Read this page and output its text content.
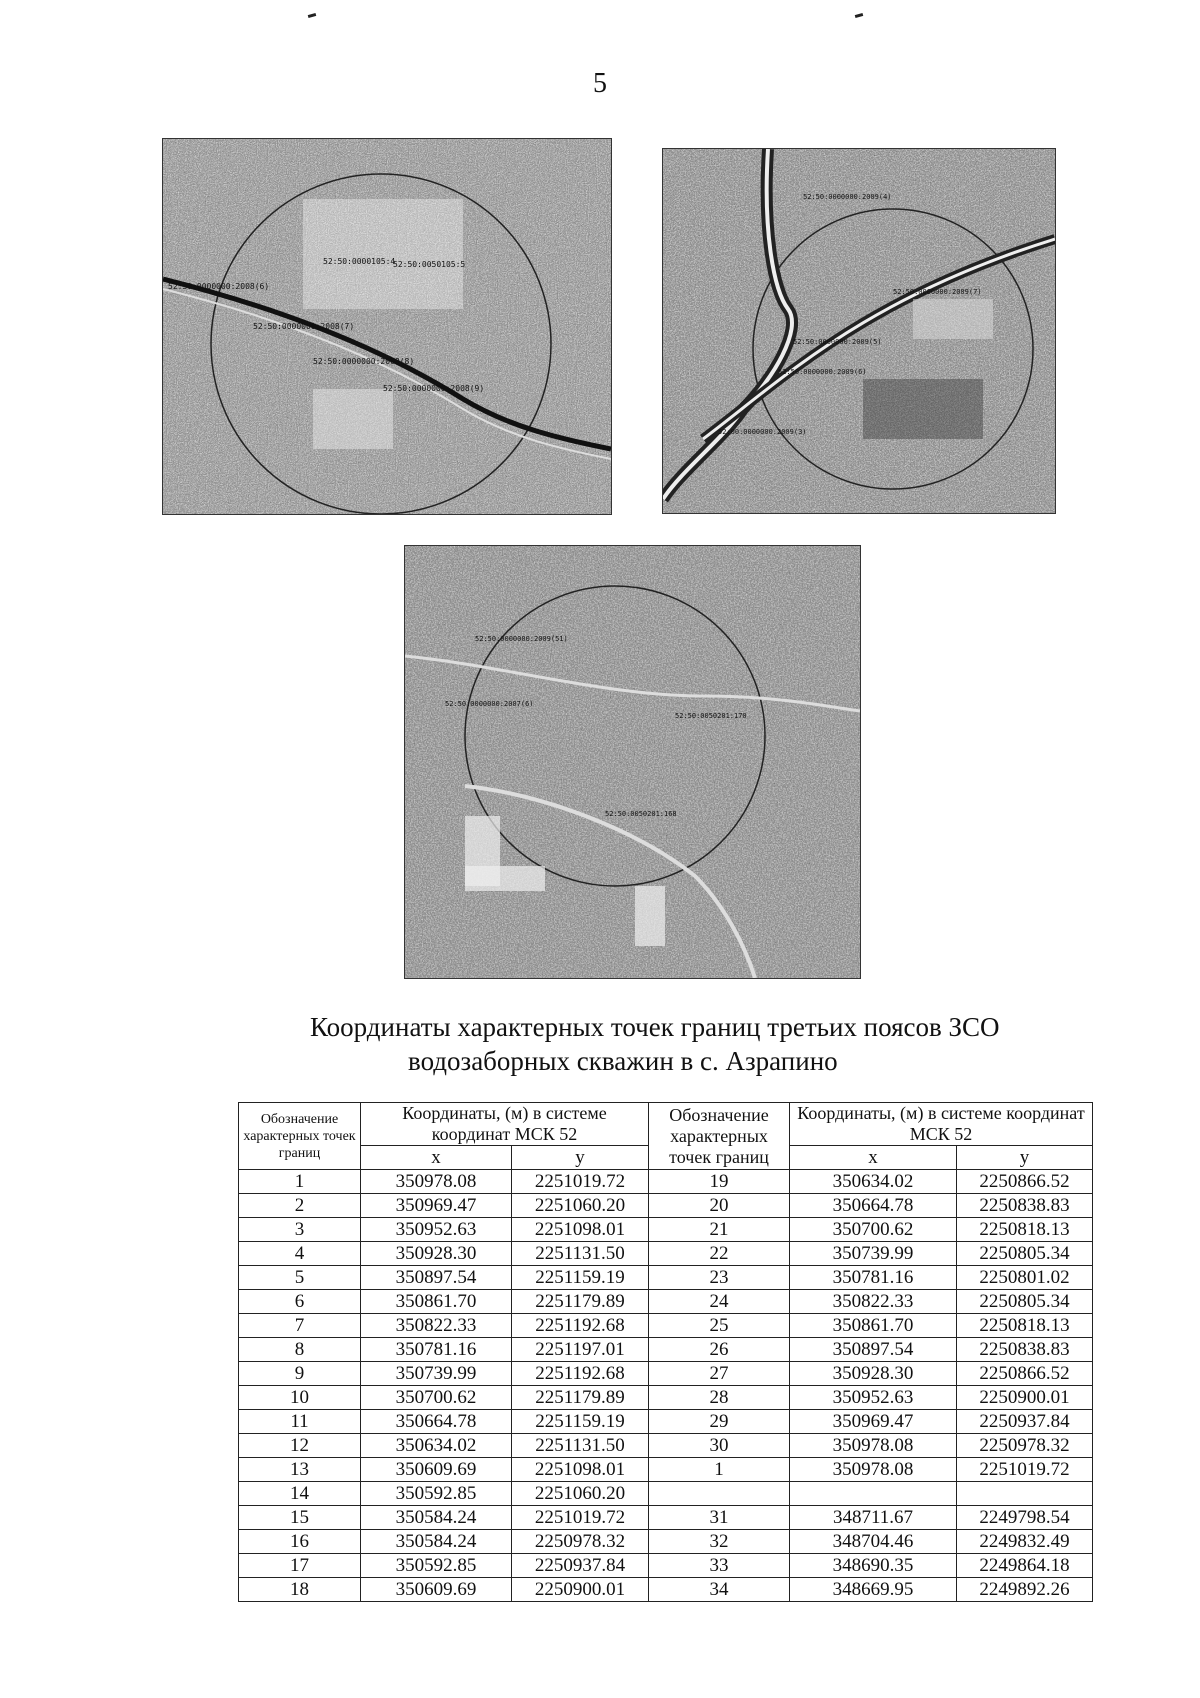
5
52:50:0000105:4
52:50:0050105:5
52:50:0000000:2008(6)
52:50:0000000:2008(7)
52:50:0000000:2008(8)
52:50:0000000:2008(9)
52:50:0000000:2009(4)
52:50:0000000:2009(7)
52:50:0000000:2009(5)
52:50:0000000:2009(6)
52:00:0000000:2009(3)
52:50:0000000:2009(51)
52:50:0000000:2007(6)
52:50:0050201:170
52:50:0050201:168
Координаты характерных точек границ третьих поясов ЗСО
водозаборных скважин в с. Азрапино
Обозначение характерных точек границ	Координаты, (м) в системе координат МСК 52		Обозначение характерных точек границ	Координаты, (м) в системе координат МСК 52	
	x	y		x	y
1	350978.08	2251019.72	19	350634.02	2250866.52
2	350969.47	2251060.20	20	350664.78	2250838.83
3	350952.63	2251098.01	21	350700.62	2250818.13
4	350928.30	2251131.50	22	350739.99	2250805.34
5	350897.54	2251159.19	23	350781.16	2250801.02
6	350861.70	2251179.89	24	350822.33	2250805.34
7	350822.33	2251192.68	25	350861.70	2250818.13
8	350781.16	2251197.01	26	350897.54	2250838.83
9	350739.99	2251192.68	27	350928.30	2250866.52
10	350700.62	2251179.89	28	350952.63	2250900.01
11	350664.78	2251159.19	29	350969.47	2250937.84
12	350634.02	2251131.50	30	350978.08	2250978.32
13	350609.69	2251098.01	1	350978.08	2251019.72
14	350592.85	2251060.20			
15	350584.24	2251019.72	31	348711.67	2249798.54
16	350584.24	2250978.32	32	348704.46	2249832.49
17	350592.85	2250937.84	33	348690.35	2249864.18
18	350609.69	2250900.01	34	348669.95	2249892.26
